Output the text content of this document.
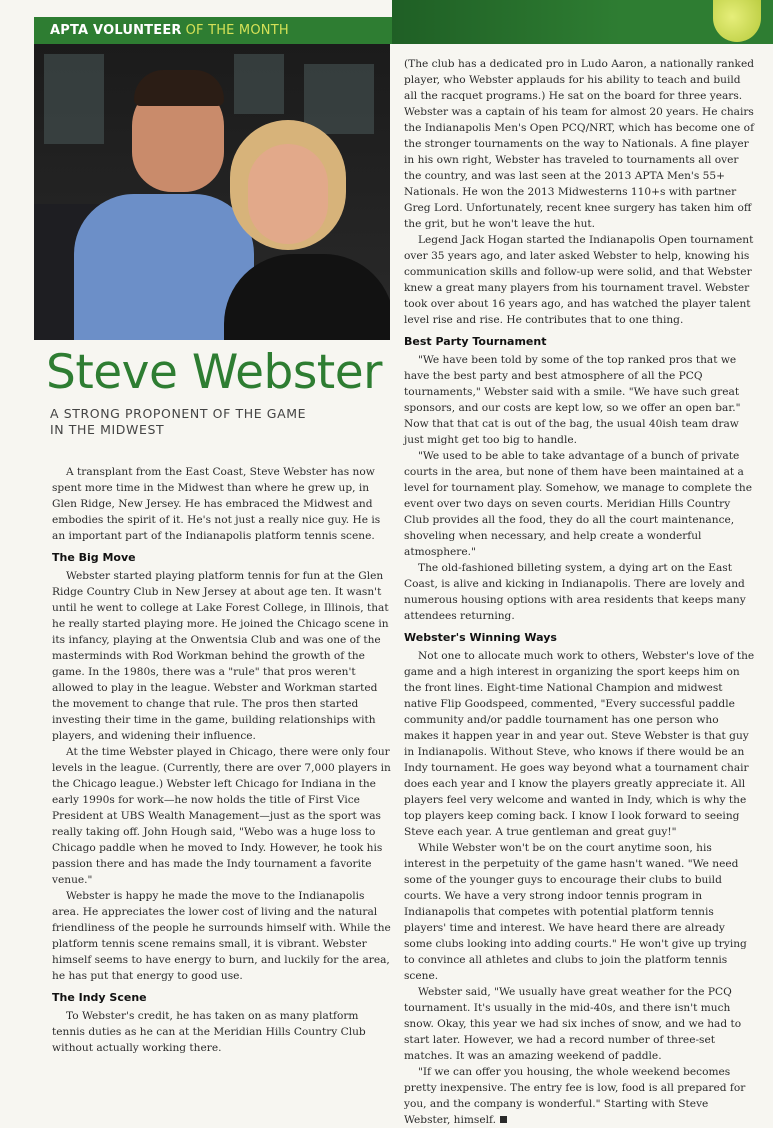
APTA VOLUNTEER OF THE MONTH
Steve Webster

A STRONG PROPONENT OF THE GAME
IN THE MIDWEST

A transplant from the East Coast, Steve Webster has now spent more time in the Midwest than where he grew up, in Glen Ridge, New Jersey. He has embraced the Midwest and embodies the spirit of it. He's not just a really nice guy. He is an important part of the Indianapolis platform tennis scene.

The Big Move

Webster started playing platform tennis for fun at the Glen Ridge Country Club in New Jersey at about age ten. It wasn't until he went to college at Lake Forest College, in Illinois, that he really started playing more. He joined the Chicago scene in its infancy, playing at the Onwentsia Club and was one of the masterminds with Rod Workman behind the growth of the game. In the 1980s, there was a "rule" that pros weren't allowed to play in the league. Webster and Workman started the movement to change that rule. The pros then started investing their time in the game, building relationships with players, and widening their influence.

At the time Webster played in Chicago, there were only four levels in the league. (Currently, there are over 7,000 players in the Chicago league.) Webster left Chicago for Indiana in the early 1990s for work—he now holds the title of First Vice President at UBS Wealth Management—just as the sport was really taking off. John Hough said, "Webo was a huge loss to Chicago paddle when he moved to Indy. However, he took his passion there and has made the Indy tournament a favorite venue."

Webster is happy he made the move to the Indianapolis area. He appreciates the lower cost of living and the natural friendliness of the people he surrounds himself with. While the platform tennis scene remains small, it is vibrant. Webster himself seems to have energy to burn, and luckily for the area, he has put that energy to good use.

The Indy Scene

To Webster's credit, he has taken on as many platform tennis duties as he can at the Meridian Hills Country Club without actually working there.

(The club has a dedicated pro in Ludo Aaron, a nationally ranked player, who Webster applauds for his ability to teach and build all the racquet programs.) He sat on the board for three years. Webster was a captain of his team for almost 20 years. He chairs the Indianapolis Men's Open PCQ/NRT, which has become one of the stronger tournaments on the way to Nationals. A fine player in his own right, Webster has traveled to tournaments all over the country, and was last seen at the 2013 APTA Men's 55+ Nationals. He won the 2013 Midwesterns 110+s with partner Greg Lord. Unfortunately, recent knee surgery has taken him off the grit, but he won't leave the hut.

Legend Jack Hogan started the Indianapolis Open tournament over 35 years ago, and later asked Webster to help, knowing his communication skills and follow-up were solid, and that Webster knew a great many players from his tournament travel. Webster took over about 16 years ago, and has watched the player talent level rise and rise. He contributes that to one thing.

Best Party Tournament

"We have been told by some of the top ranked pros that we have the best party and best atmosphere of all the PCQ tournaments," Webster said with a smile. "We have such great sponsors, and our costs are kept low, so we offer an open bar." Now that that cat is out of the bag, the usual 40ish team draw just might get too big to handle.

"We used to be able to take advantage of a bunch of private courts in the area, but none of them have been maintained at a level for tournament play. Somehow, we manage to complete the event over two days on seven courts. Meridian Hills Country Club provides all the food, they do all the court maintenance, shoveling when necessary, and help create a wonderful atmosphere."

The old-fashioned billeting system, a dying art on the East Coast, is alive and kicking in Indianapolis. There are lovely and numerous housing options with area residents that keeps many attendees returning.

Webster's Winning Ways

Not one to allocate much work to others, Webster's love of the game and a high interest in organizing the sport keeps him on the front lines. Eight-time National Champion and midwest native Flip Goodspeed, commented, "Every successful paddle community and/or paddle tournament has one person who makes it happen year in and year out. Steve Webster is that guy in Indianapolis. Without Steve, who knows if there would be an Indy tournament. He goes way beyond what a tournament chair does each year and I know the players greatly appreciate it. All players feel very welcome and wanted in Indy, which is why the top players keep coming back. I know I look forward to seeing Steve each year. A true gentleman and great guy!"

While Webster won't be on the court anytime soon, his interest in the perpetuity of the game hasn't waned. "We need some of the younger guys to encourage their clubs to build courts. We have a very strong indoor tennis program in Indianapolis that competes with potential platform tennis players' time and interest. We have heard there are already some clubs looking into adding courts." He won't give up trying to convince all athletes and clubs to join the platform tennis scene.

Webster said, "We usually have great weather for the PCQ tournament. It's usually in the mid-40s, and there isn't much snow. Okay, this year we had six inches of snow, and we had to start later. However, we had a record number of three-set matches. It was an amazing weekend of paddle.

"If we can offer you housing, the whole weekend becomes pretty inexpensive. The entry fee is low, food is all prepared for you, and the company is wonderful." Starting with Steve Webster, himself.
